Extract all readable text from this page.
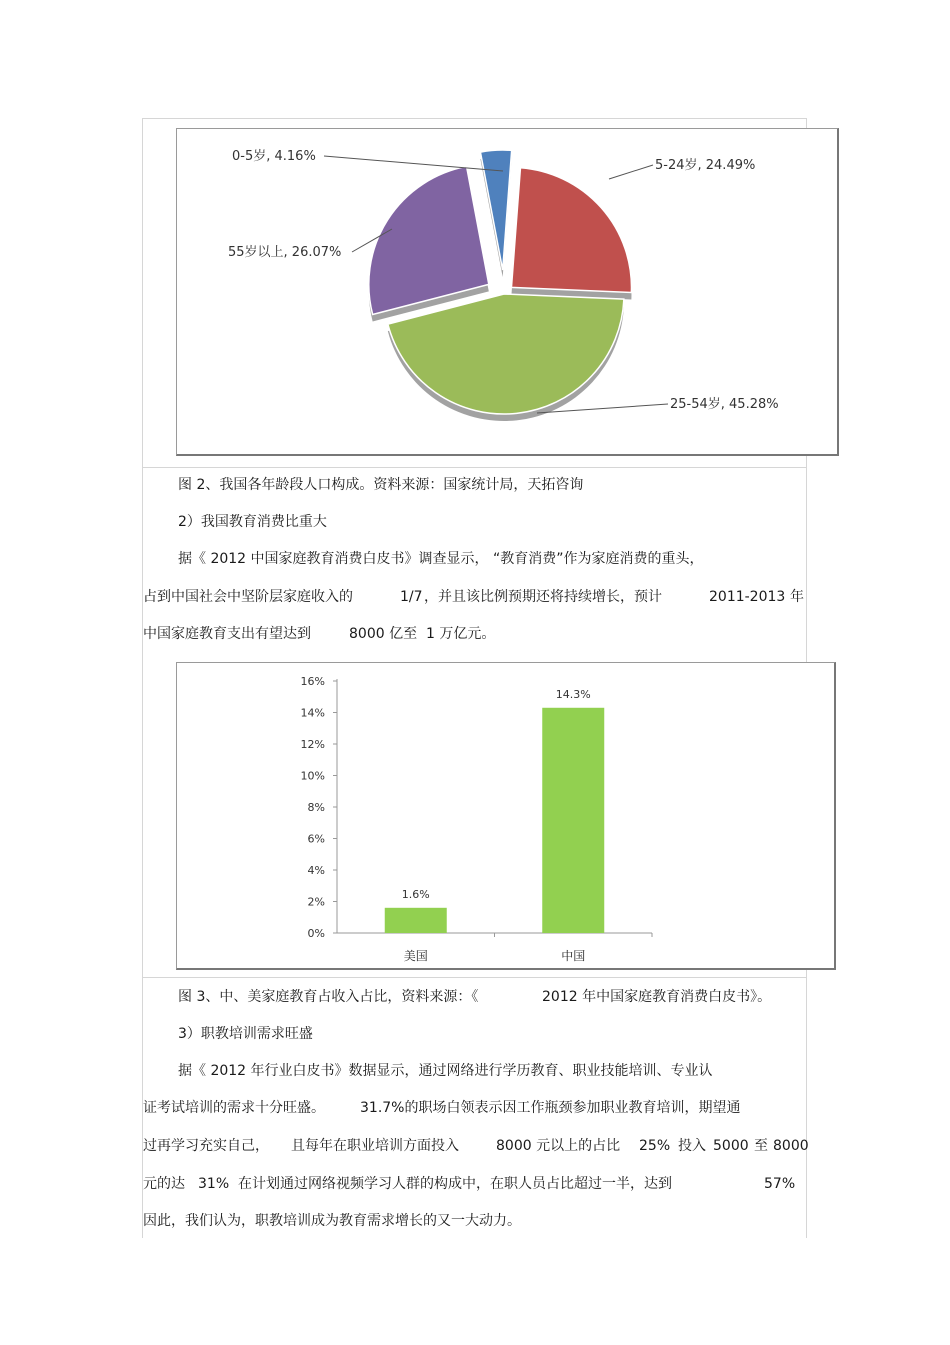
5-24岁, 24.49%
25-54岁, 45.28%
55岁以上, 26.07%
0-5岁, 4.16%
图 2、我国各年龄段人口构成。资料来源：国家统计局，天拓咨询
2）我国教育消费比重大
据《 2012 中国家庭教育消费白皮书》调查显示， “教育消费”作为家庭消费的重头，
占到中国社会中坚阶层家庭收入的	1/7 ，并且该比例预期还将持续增长，预计	2011-2013 年
中国家庭教育支出有望达到	8000 亿至 1 万亿元。
0%
2%
4%
6%
8%
10%
12%
14%
16%
1.6%
美国
14.3%
中国
图 3、中、美家庭教育占收入占比，资料来源：《	2012 年中国家庭教育消费白皮书》。
3）职教培训需求旺盛
据《 2012 年行业白皮书》数据显示，通过网络进行学历教育、职业技能培训、专业认
证考试培训的需求十分旺盛。	31.7%的职场白领表示因工作瓶颈参加职业教育培训，期望通
过再学习充实自己， 且每年在职业培训方面投入	8000 元以上的占比 25% 投入 5000 至 8000
元的达 31% 在计划通过网络视频学习人群的构成中，在职人员占比超过一半，达到	57%
因此，我们认为，职教培训成为教育需求增长的又一大动力。
